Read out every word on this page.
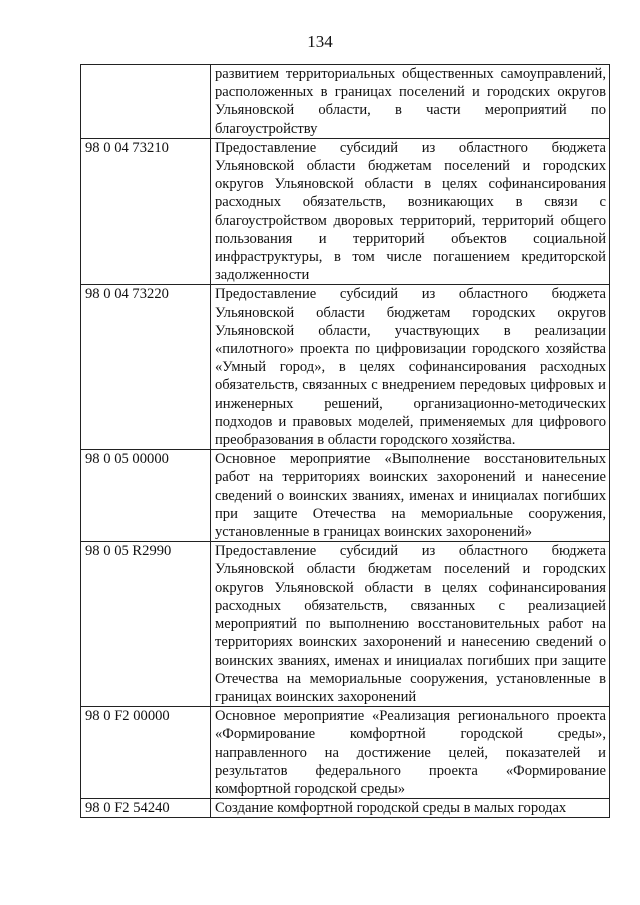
134
	развитием территориальных общественных самоуправлений, расположенных в границах поселений и городских округов Ульяновской области, в части мероприятий по благоустройству
98 0 04 73210	Предоставление субсидий из областного бюджета Ульяновской области бюджетам поселений и городских округов Ульяновской области в целях софинансирования расходных обязательств, возникающих в связи с благоустройством дворовых территорий, территорий общего пользования и территорий объектов социальной инфраструктуры, в том числе погашением кредиторской задолженности
98 0 04 73220	Предоставление субсидий из областного бюджета Ульяновской области бюджетам городских округов Ульяновской области, участвующих в реализации «пилотного» проекта по цифровизации городского хозяйства «Умный город», в целях софинансирования расходных обязательств, связанных с внедрением передовых цифровых и инженерных решений, организационно-методических подходов и правовых моделей, применяемых для цифрового преобразования в области городского хозяйства.
98 0 05 00000	Основное мероприятие «Выполнение восстановительных работ на территориях воинских захоронений и нанесение сведений о воинских званиях, именах и инициалах погибших при защите Отечества на мемориальные сооружения, установленные в границах воинских захоронений»
98 0 05 R2990	Предоставление субсидий из областного бюджета Ульяновской области бюджетам поселений и городских округов Ульяновской области в целях софинансирования расходных обязательств, связанных с реализацией мероприятий по выполнению восстановительных работ на территориях воинских захоронений и нанесению сведений о воинских званиях, именах и инициалах погибших при защите Отечества на мемориальные сооружения, установленные в границах воинских захоронений
98 0 F2 00000	Основное мероприятие «Реализация регионального проекта «Формирование комфортной городской среды», направленного на достижение целей, показателей и результатов федерального проекта «Формирование комфортной городской среды»
98 0 F2 54240	Создание комфортной городской среды в малых городах
